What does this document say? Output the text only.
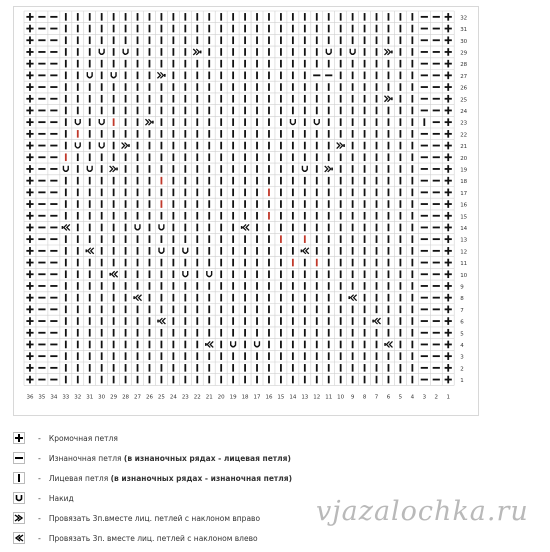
32
31
30
29
28
27
26
25
24
23
22
21
20
19
18
17
16
15
14
13
12
11
10
9
8
7
6
5
4
3
2
1
36 35 34 33 32 31 30 29 28 27 26 25 24 23 22 21 20 19 18 17 16 15 14 13 12 11 10 9 8 7 6 5 4 3 2 1
- Кромочная петля
- Изнаночная петля (в изнаночных рядах - лицевая петля)
- Лицевая петля (в изнаночных рядах - изнаночная петля)
- Накид
- Провязать 3п.вместе лиц. петлей с наклоном вправо
- Провязать 3п. вместе лиц. петлей с наклоном влево
vjazalochka.ru
